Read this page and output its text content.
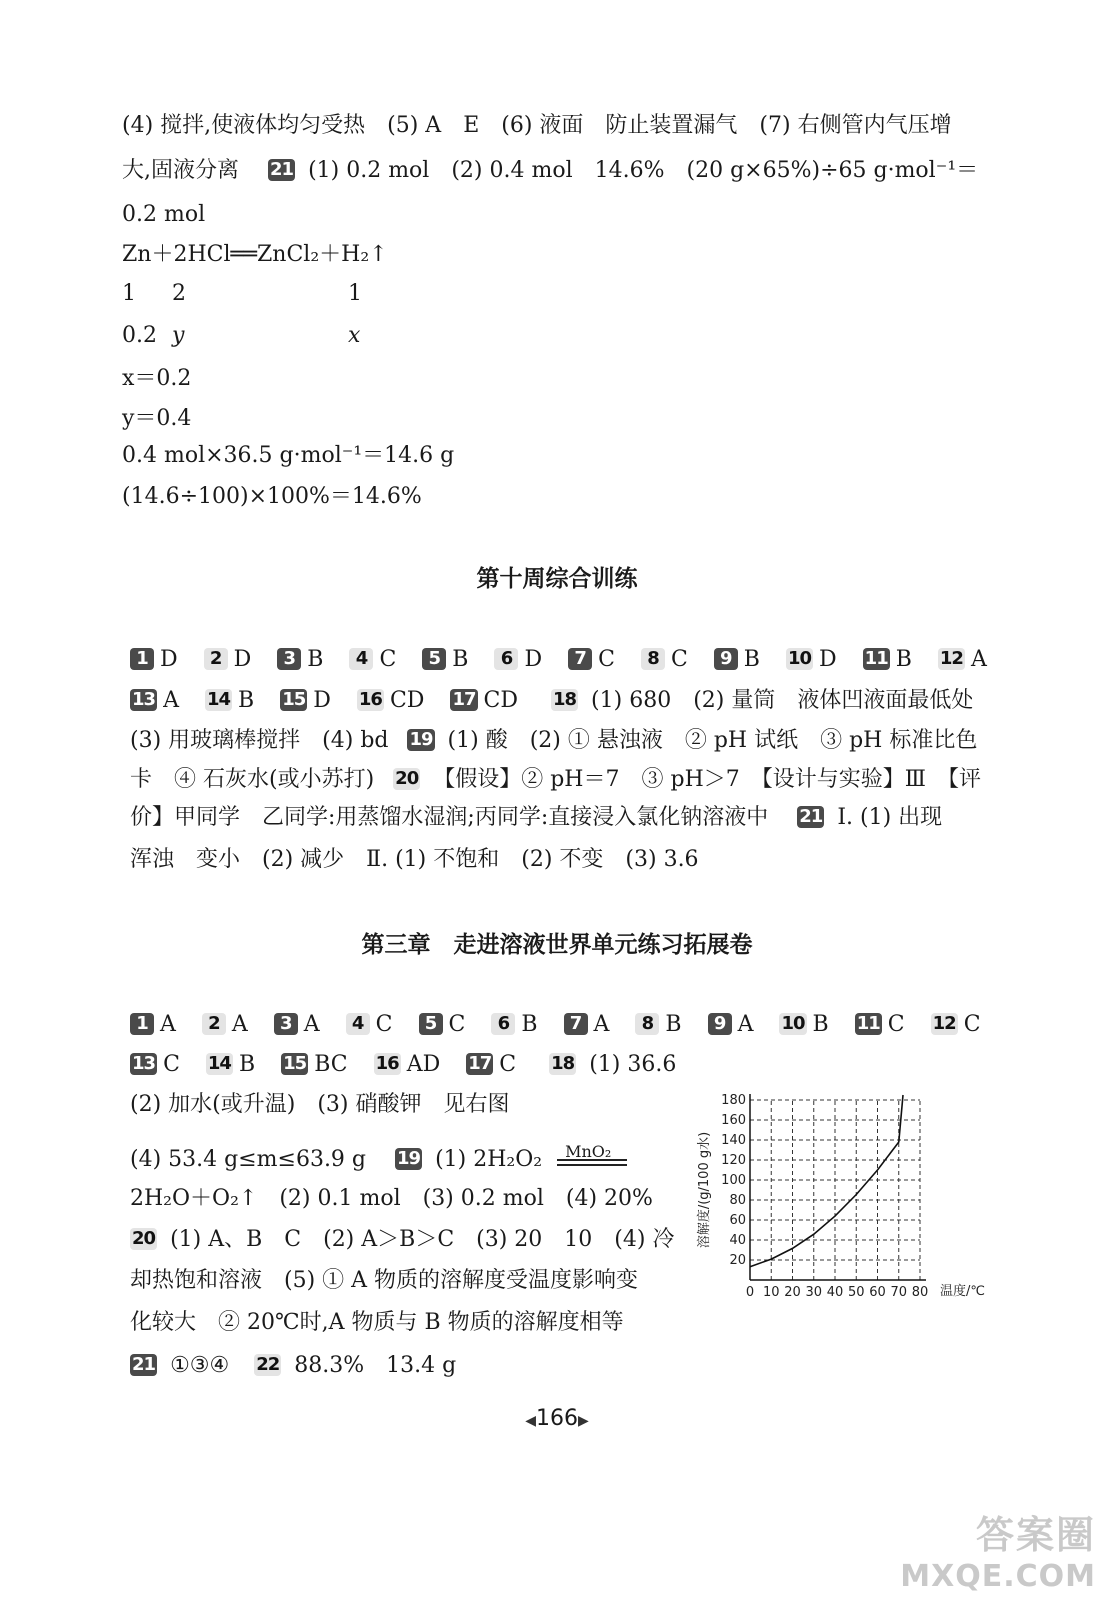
(4) 搅拌,使液体均匀受热　(5) A　E　(6) 液面　防止装置漏气　(7) 右侧管内气压增
大,固液分离 21 (1) 0.2 mol　(2) 0.4 mol　14.6%　(20 g×65%)÷65 g·mol⁻¹＝
0.2 mol
Zn＋2HCl══ZnCl₂＋H₂↑
1 2	1
0.2 y	x
x＝0.2
y＝0.4
0.4 mol×36.5 g·mol⁻¹＝14.6 g
(14.6÷100)×100%＝14.6%
第十周综合训练
1 D 2 D 3 B 4 C 5 B 6 D 7 C 8 C 9 B 10 D 11 B 12 A
13 A 14 B 15 D 16 CD 17 CD 18 (1) 680　(2) 量筒　液体凹液面最低处
(3) 用玻璃棒搅拌　(4) bd 19 (1) 酸　(2) ① 悬浊液　② pH 试纸　③ pH 标准比色
卡　④ 石灰水(或小苏打) 20 【假设】② pH＝7　③ pH＞7　【设计与实验】Ⅲ　【评
价】甲同学　乙同学:用蒸馏水湿润;丙同学:直接浸入氯化钠溶液中 21 Ⅰ. (1) 出现
浑浊　变小　(2) 减少　Ⅱ. (1) 不饱和　(2) 不变　(3) 3.6
第三章　走进溶液世界单元练习拓展卷
1 A 2 A 3 A 4 C 5 C 6 B 7 A 8 B 9 A 10 B 11 C 12 C
13 C 14 B 15 BC 16 AD 17 C 18 (1) 36.6
(2) 加水(或升温)　(3) 硝酸钾　见右图
(4) 53.4 g≤m≤63.9 g 19 (1) 2H₂O₂ MnO₂
2H₂O＋O₂↑　(2) 0.1 mol　(3) 0.2 mol　(4) 20%
20 (1) A、B　C　(2) A＞B＞C　(3) 20　10　(4) 冷
却热饱和溶液　(5) ① A 物质的溶解度受温度影响变
化较大　② 20℃时,A 物质与 B 物质的溶解度相等
21 ①③④ 22 88.3%　13.4 g
0 10 20 30 40 50 60 70 80
20
40
60
80
100
120
140
160
180
溶解度/(g/100 g水)
温度/℃
◀166▶
答案圈
MXQE.COM
